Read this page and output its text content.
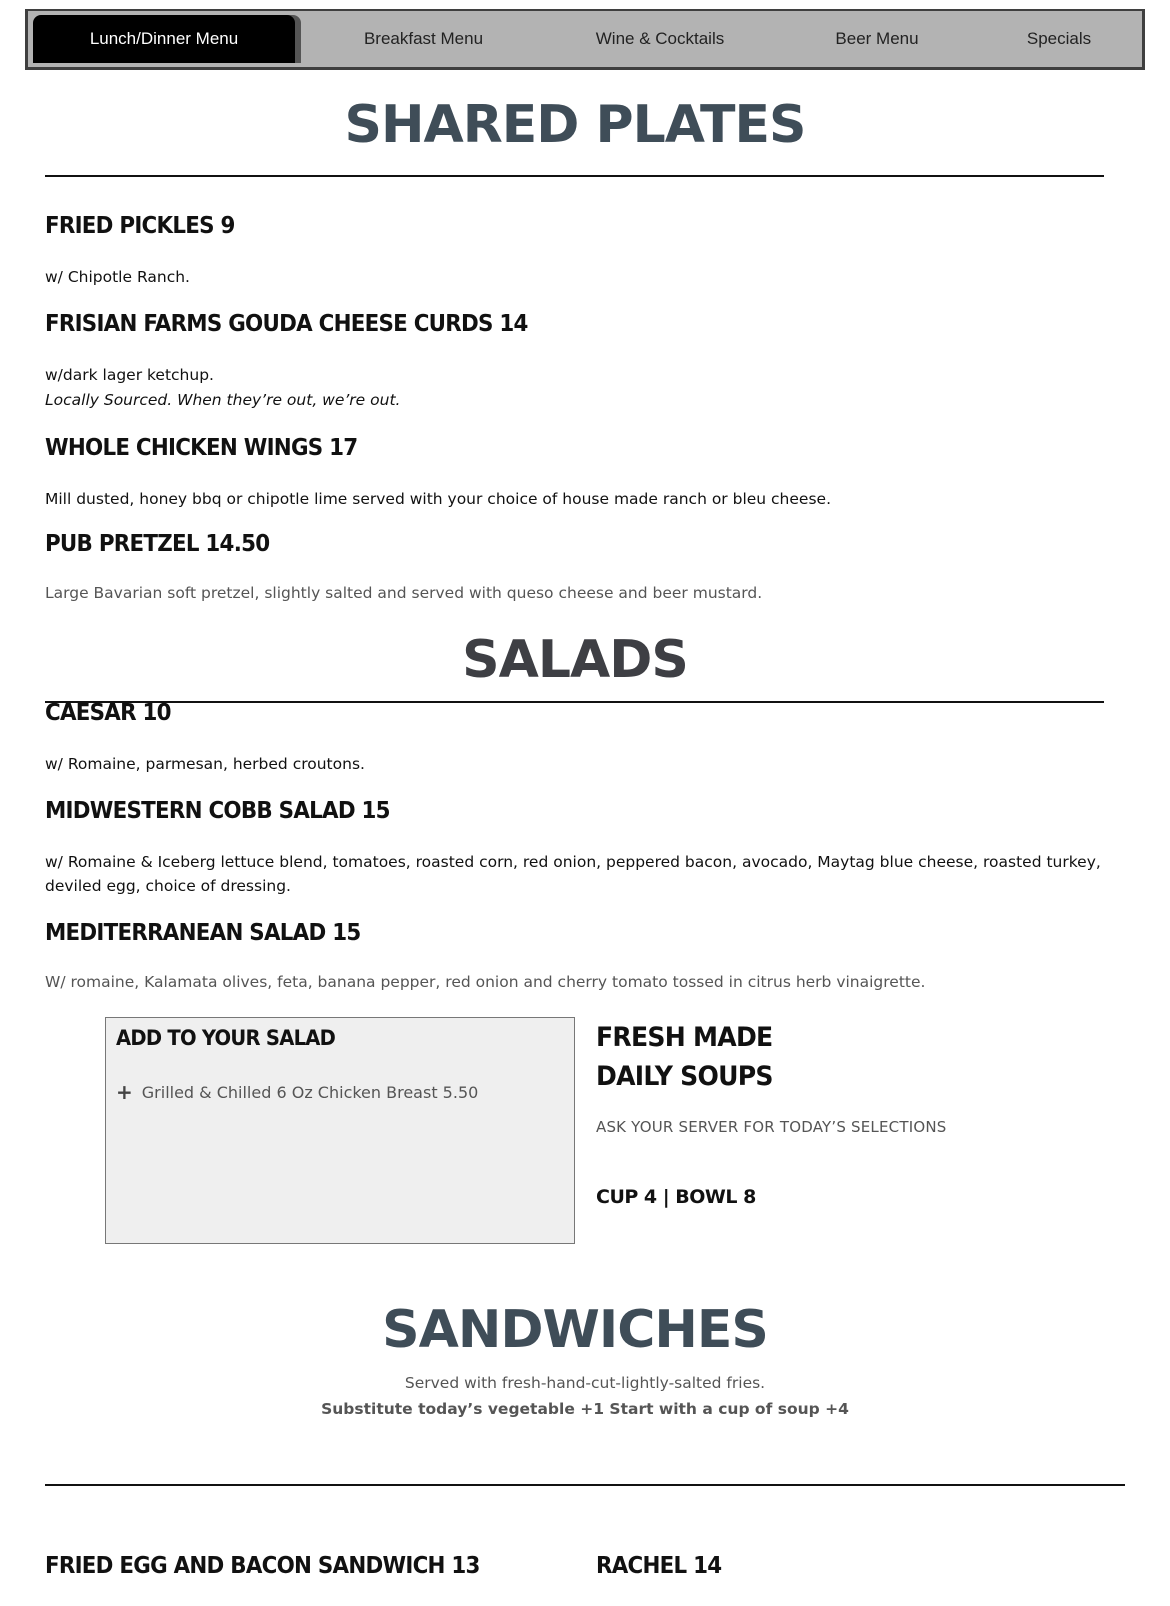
Lunch/Dinner Menu	Breakfast Menu	Wine & Cocktails	Beer Menu	Specials
SHARED PLATES
FRIED PICKLES 9
w/ Chipotle Ranch.
FRISIAN FARMS GOUDA CHEESE CURDS 14
w/dark lager ketchup.
Locally Sourced. When they’re out, we’re out.
WHOLE CHICKEN WINGS 17
Mill dusted, honey bbq or chipotle lime served with your choice of house made ranch or bleu cheese.
PUB PRETZEL 14.50
Large Bavarian soft pretzel, slightly salted and served with queso cheese and beer mustard.
SALADS
CAESAR 10
w/ Romaine, parmesan, herbed croutons.
MIDWESTERN COBB SALAD 15
w/ Romaine & Iceberg lettuce blend, tomatoes, roasted corn, red onion, peppered bacon, avocado, Maytag blue cheese, roasted turkey, deviled egg, choice of dressing.
MEDITERRANEAN SALAD 15
W/ romaine, Kalamata olives, feta, banana pepper, red onion and cherry tomato tossed in citrus herb vinaigrette.
ADD TO YOUR SALAD
+ Grilled & Chilled 6 Oz Chicken Breast 5.50
FRESH MADE
DAILY SOUPS
ASK YOUR SERVER FOR TODAY’S SELECTIONS
CUP 4 | BOWL 8
SANDWICHES
Served with fresh-hand-cut-lightly-salted fries.
Substitute today’s vegetable +1 Start with a cup of soup +4
FRIED EGG AND BACON SANDWICH 13	RACHEL 14
